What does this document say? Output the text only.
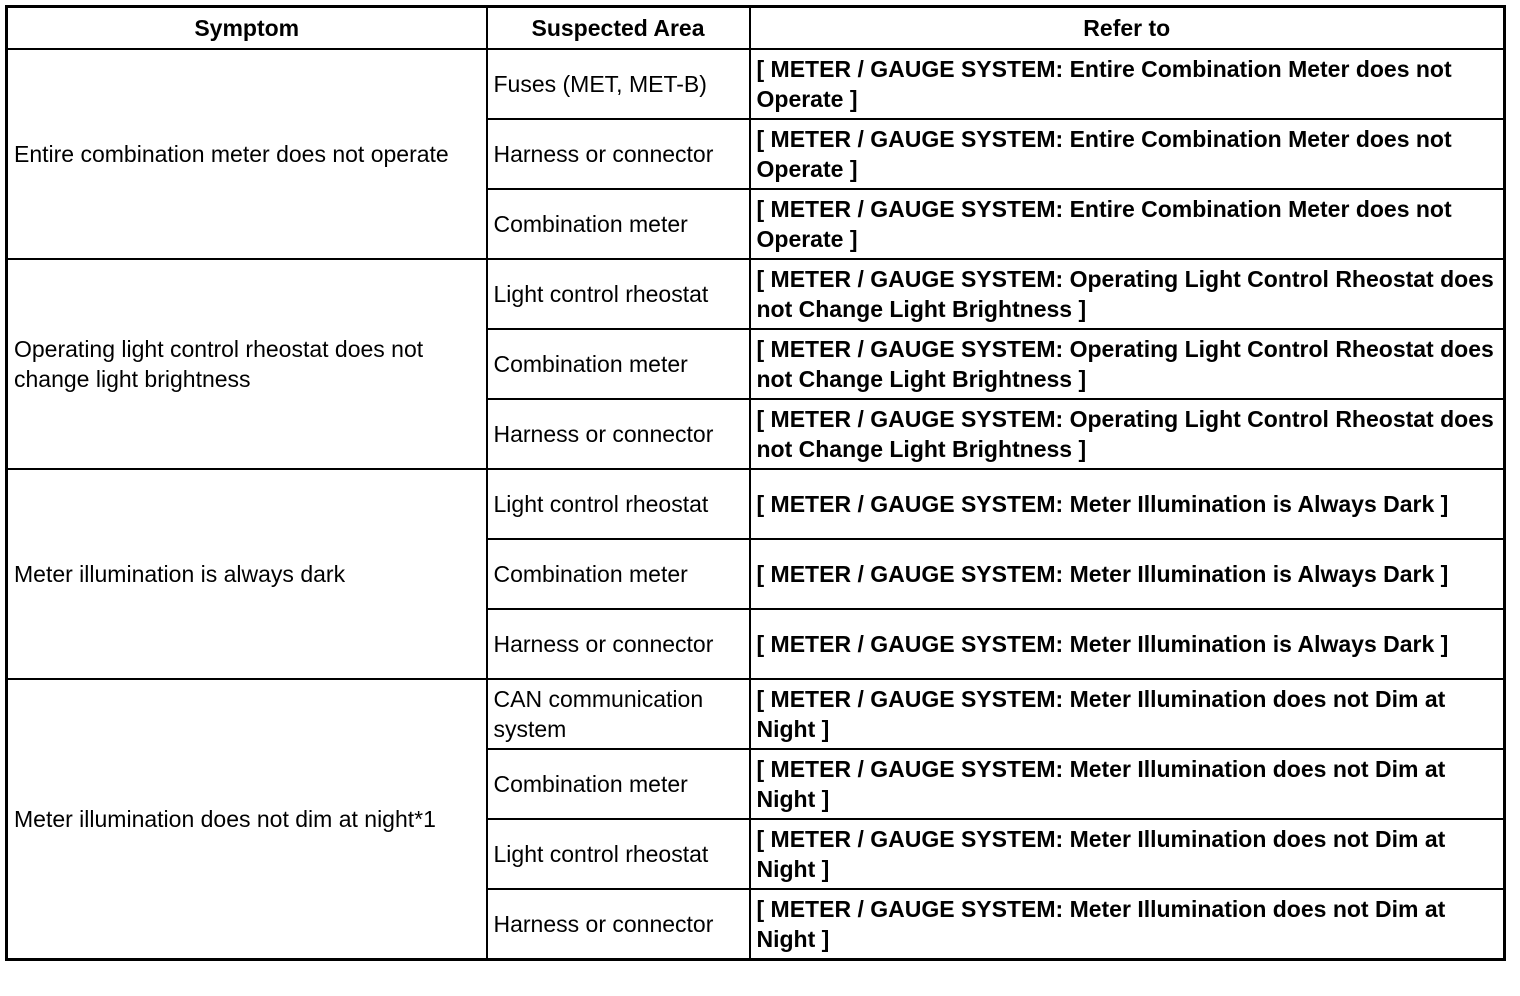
Symptom	Suspected Area	Refer to
Entire combination meter does not operate	Fuses (MET, MET-B)	[ METER / GAUGE SYSTEM: Entire Combination Meter does not Operate ]
	Harness or connector	[ METER / GAUGE SYSTEM: Entire Combination Meter does not Operate ]
	Combination meter	[ METER / GAUGE SYSTEM: Entire Combination Meter does not Operate ]
Operating light control rheostat does not change light brightness	Light control rheostat	[ METER / GAUGE SYSTEM: Operating Light Control Rheostat does not Change Light Brightness ]
	Combination meter	[ METER / GAUGE SYSTEM: Operating Light Control Rheostat does not Change Light Brightness ]
	Harness or connector	[ METER / GAUGE SYSTEM: Operating Light Control Rheostat does not Change Light Brightness ]
Meter illumination is always dark	Light control rheostat	[ METER / GAUGE SYSTEM: Meter Illumination is Always Dark ]
	Combination meter	[ METER / GAUGE SYSTEM: Meter Illumination is Always Dark ]
	Harness or connector	[ METER / GAUGE SYSTEM: Meter Illumination is Always Dark ]
Meter illumination does not dim at night*1	CAN communication system	[ METER / GAUGE SYSTEM: Meter Illumination does not Dim at Night ]
	Combination meter	[ METER / GAUGE SYSTEM: Meter Illumination does not Dim at Night ]
	Light control rheostat	[ METER / GAUGE SYSTEM: Meter Illumination does not Dim at Night ]
	Harness or connector	[ METER / GAUGE SYSTEM: Meter Illumination does not Dim at Night ]
